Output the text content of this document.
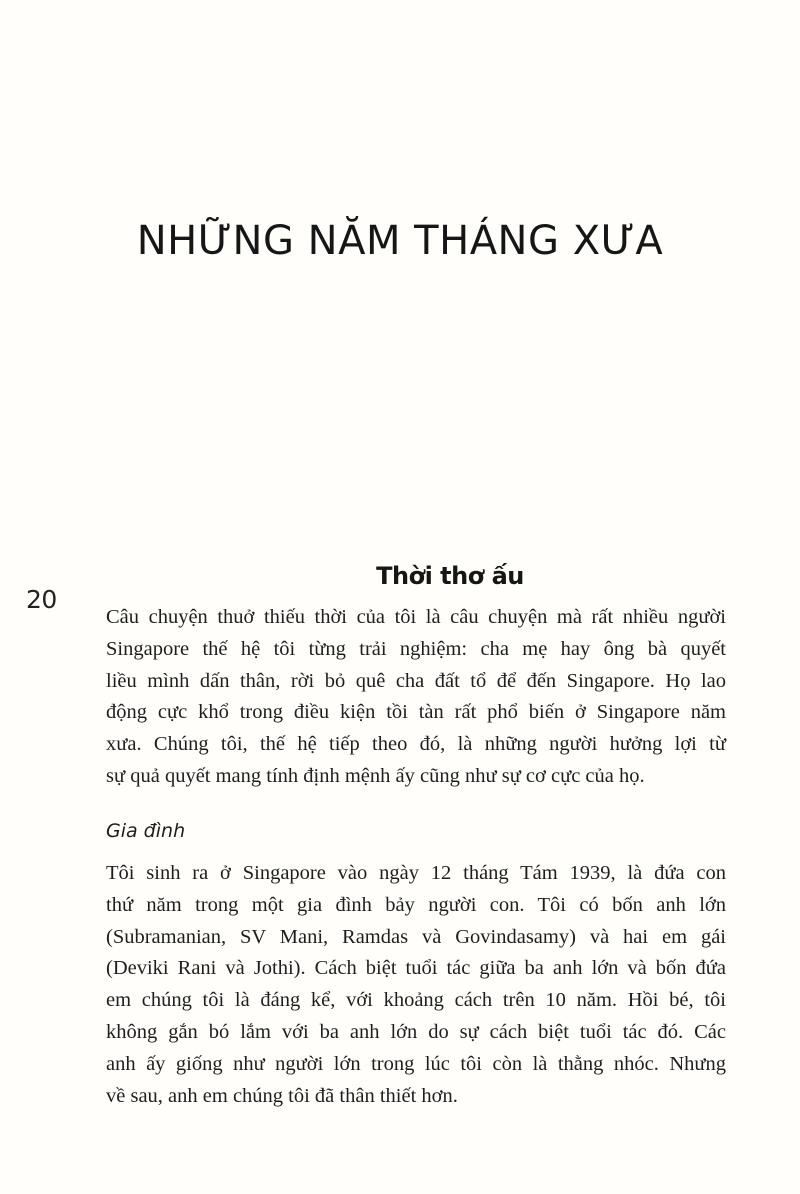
NHỮNG NĂM THÁNG XƯA
20
Thời thơ ấu
Câu chuyện thuở thiếu thời của tôi là câu chuyện mà rất nhiều người
Singapore thế hệ tôi từng trải nghiệm: cha mẹ hay ông bà quyết
liều mình dấn thân, rời bỏ quê cha đất tổ để đến Singapore. Họ lao
động cực khổ trong điều kiện tồi tàn rất phổ biến ở Singapore năm
xưa. Chúng tôi, thế hệ tiếp theo đó, là những người hưởng lợi từ
sự quả quyết mang tính định mệnh ấy cũng như sự cơ cực của họ.
Gia đình
Tôi sinh ra ở Singapore vào ngày 12 tháng Tám 1939, là đứa con
thứ năm trong một gia đình bảy người con. Tôi có bốn anh lớn
(Subramanian, SV Mani, Ramdas và Govindasamy) và hai em gái
(Deviki Rani và Jothi). Cách biệt tuổi tác giữa ba anh lớn và bốn đứa
em chúng tôi là đáng kể, với khoảng cách trên 10 năm. Hồi bé, tôi
không gắn bó lắm với ba anh lớn do sự cách biệt tuổi tác đó. Các
anh ấy giống như người lớn trong lúc tôi còn là thằng nhóc. Nhưng
về sau, anh em chúng tôi đã thân thiết hơn.
